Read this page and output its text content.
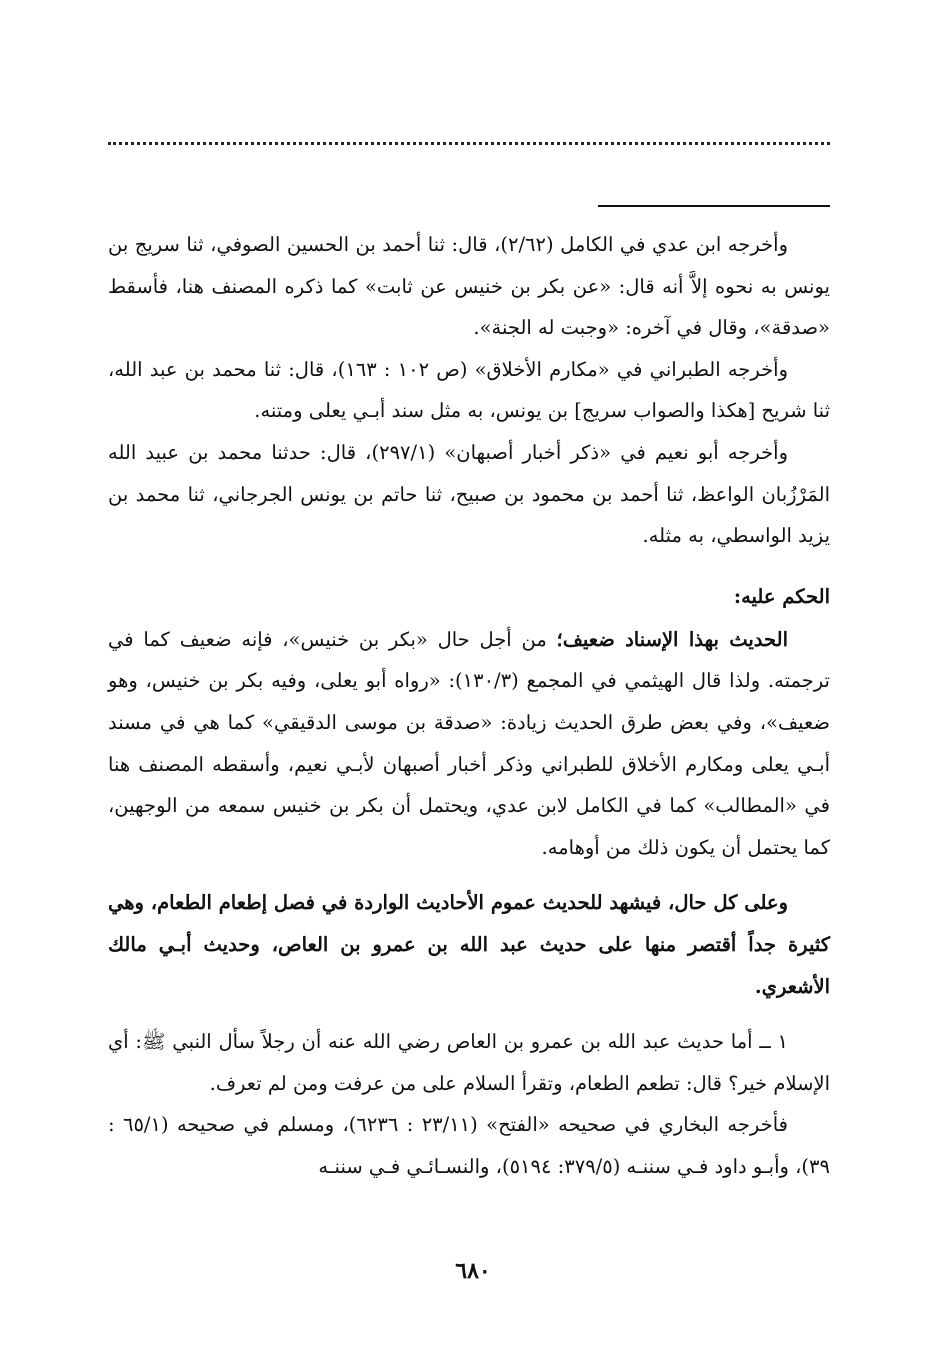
وأخرجه ابن عدي في الكامل (٢/٦٢)، قال: ثنا أحمد بن الحسين الصوفي، ثنا سريج بن يونس به نحوه إلاَّ أنه قال: «عن بكر بن خنيس عن ثابت» كما ذكره المصنف هنا، فأسقط «صدقة»، وقال في آخره: «وجبت له الجنة».

وأخرجه الطبراني في «مكارم الأخلاق» (ص ١٠٢ : ١٦٣)، قال: ثنا محمد بن عبد الله، ثنا شريح [هكذا والصواب سريج] بن يونس، به مثل سند أبـي يعلى ومتنه.

وأخرجه أبو نعيم في «ذكر أخبار أصبهان» (٢٩٧/١)، قال: حدثنا محمد بن عبيد الله المَرْزُبان الواعظ، ثنا أحمد بن محمود بن صبيح، ثنا حاتم بن يونس الجرجاني، ثنا محمد بن يزيد الواسطي، به مثله.

الحكم عليه:

الحديث بهذا الإسناد ضعيف؛ من أجل حال «بكر بن خنيس»، فإنه ضعيف كما في ترجمته. ولذا قال الهيثمي في المجمع (١٣٠/٣): «رواه أبو يعلى، وفيه بكر بن خنيس، وهو ضعيف»، وفي بعض طرق الحديث زيادة: «صدقة بن موسى الدقيقي» كما هي في مسند أبـي يعلى ومكارم الأخلاق للطبراني وذكر أخبار أصبهان لأبـي نعيم، وأسقطه المصنف هنا في «المطالب» كما في الكامل لابن عدي، ويحتمل أن بكر بن خنيس سمعه من الوجهين، كما يحتمل أن يكون ذلك من أوهامه.

وعلى كل حال، فيشهد للحديث عموم الأحاديث الواردة في فصل إطعام الطعام، وهي كثيرة جداً أقتصر منها على حديث عبد الله بن عمرو بن العاص، وحديث أبـي مالك الأشعري.

١ ــ أما حديث عبد الله بن عمرو بن العاص رضي الله عنه أن رجلاً سأل النبي ﷺ: أي الإسلام خير؟ قال: تطعم الطعام، وتقرأ السلام على من عرفت ومن لم تعرف.

فأخرجه البخاري في صحيحه «الفتح» (٢٣/١١ : ٦٢٣٦)، ومسلم في صحيحه (٦٥/١ : ٣٩)، وأبـو داود فـي سننـه (٣٧٩/٥: ٥١٩٤)، والنسـائـي فـي سننـه

٦٨٠
